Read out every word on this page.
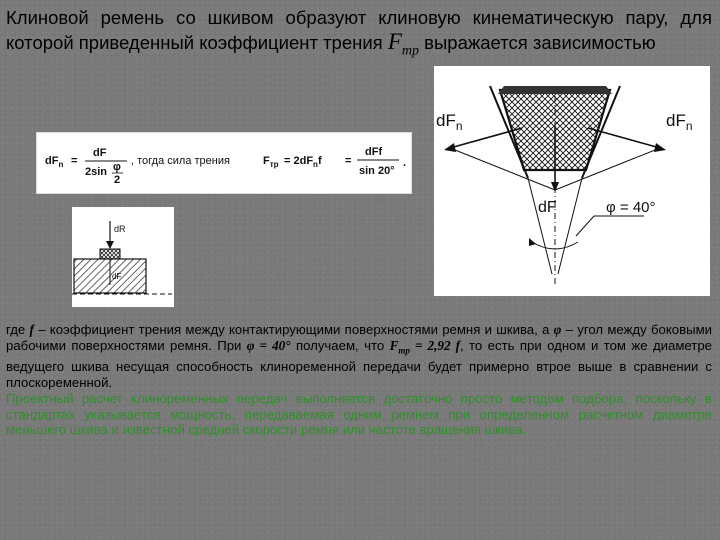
Клиновой ремень со шкивом образуют клиновую кинематическую пару, для которой приведенный коэффициент трения $F_{тр}$ выражается зависимостью
$dF_n$ =
dF
2sin φ
2
, тогда сила трения	$F_{тр} = 2dF_nf$ =
dFf
sin 20°
.
dR
dF
$dF_n$	$dF_n$
dF	φ = 40°

где f – коэффициент трения между контактирующими поверхностями ремня и шкива, а φ – угол между боковыми рабочими поверхностями ремня. При φ = 40° получаем, что $F_{тр} = 2,92$ f, то есть при одном и том же диаметре ведущего шкива несущая способность клиноременной передачи будет примерно втрое выше в сравнении с плоскоременной.

Проектный расчет клиноременных передач выполняется достаточно просто методом подбора, поскольку в стандартах указывается мощность, передаваемая одним ремнем при определенном расчетном диаметре меньшего шкива и известной средней скорости ремня или частоте вращения шкива.
